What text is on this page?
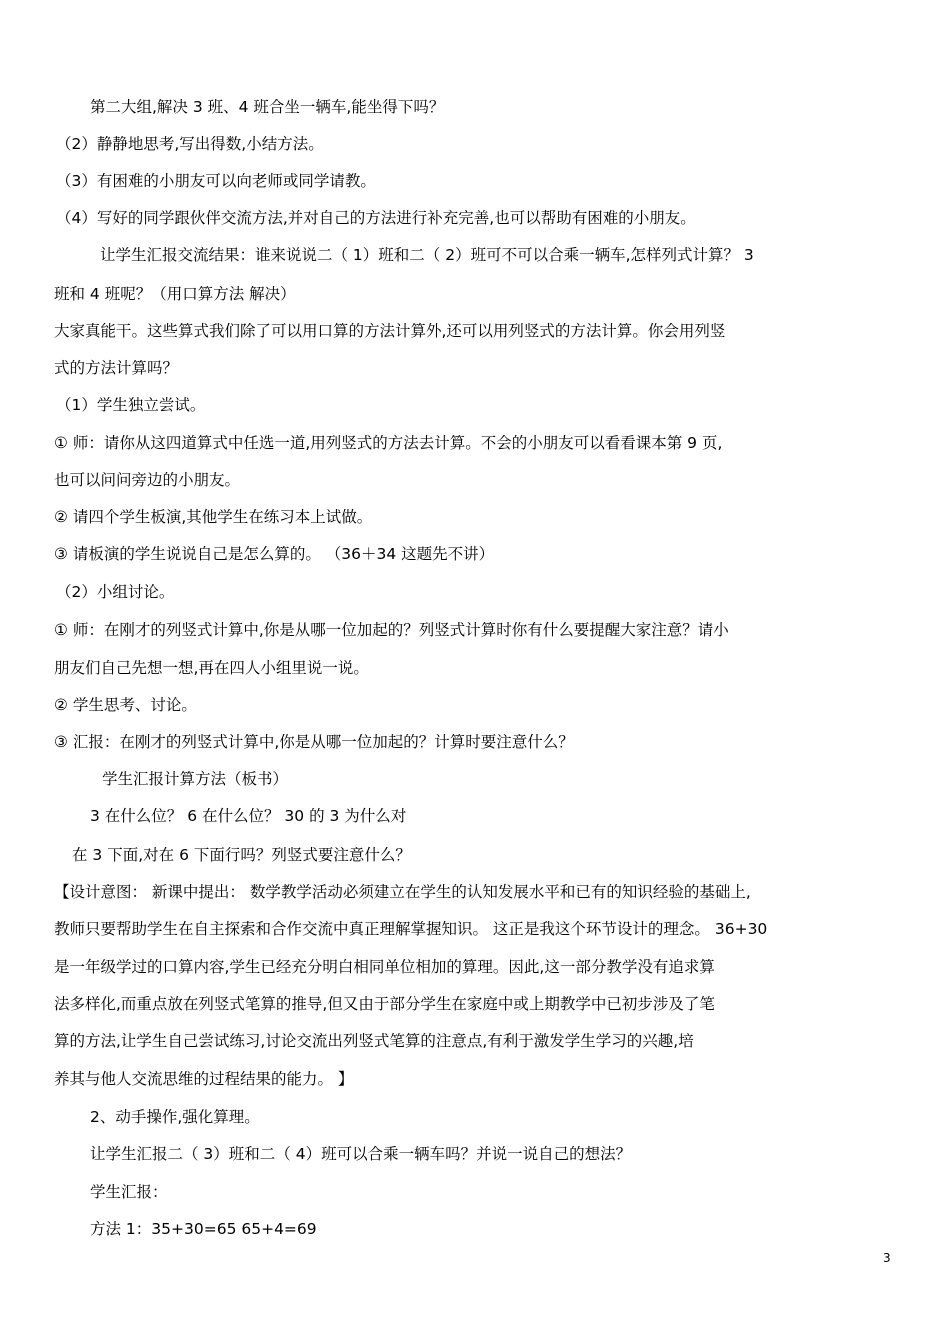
第二大组,解决 3 班、4 班合坐一辆车,能坐得下吗？
（2）静静地思考,写出得数,小结方法。
（3）有困难的小朋友可以向老师或同学请教。
（4）写好的同学跟伙伴交流方法,并对自己的方法进行补充完善,也可以帮助有困难的小朋友。
让学生汇报交流结果：谁来说说二（ 1）班和二（ 2）班可不可以合乘一辆车,怎样列式计算？ 3
班和 4 班呢？（用口算方法 解决）
大家真能干。这些算式我们除了可以用口算的方法计算外,还可以用列竖式的方法计算。你会用列竖
式的方法计算吗？
（1）学生独立尝试。
① 师：请你从这四道算式中任选一道,用列竖式的方法去计算。不会的小朋友可以看看课本第 9 页,
也可以问问旁边的小朋友。
② 请四个学生板演,其他学生在练习本上试做。
③ 请板演的学生说说自己是怎么算的。 （36＋34 这题先不讲）
（2）小组讨论。
① 师：在刚才的列竖式计算中,你是从哪一位加起的？列竖式计算时你有什么要提醒大家注意？请小
朋友们自己先想一想,再在四人小组里说一说。
② 学生思考、讨论。
③ 汇报：在刚才的列竖式计算中,你是从哪一位加起的？计算时要注意什么？
学生汇报计算方法（板书）
3 在什么位？ 6 在什么位？ 30 的 3 为什么对
在 3 下面,对在 6 下面行吗？列竖式要注意什么？
【设计意图： 新课中提出： 数学教学活动必须建立在学生的认知发展水平和已有的知识经验的基础上,
教师只要帮助学生在自主探索和合作交流中真正理解掌握知识。 这正是我这个环节设计的理念。 36+30
是一年级学过的口算内容,学生已经充分明白相同单位相加的算理。因此,这一部分教学没有追求算
法多样化,而重点放在列竖式笔算的推导,但又由于部分学生在家庭中或上期教学中已初步涉及了笔
算的方法,让学生自己尝试练习,讨论交流出列竖式笔算的注意点,有利于激发学生学习的兴趣,培
养其与他人交流思维的过程结果的能力。 】
2、动手操作,强化算理。
让学生汇报二（ 3）班和二（ 4）班可以合乘一辆车吗？并说一说自己的想法？
学生汇报：
方法 1：35+30=65 65+4=69
3
